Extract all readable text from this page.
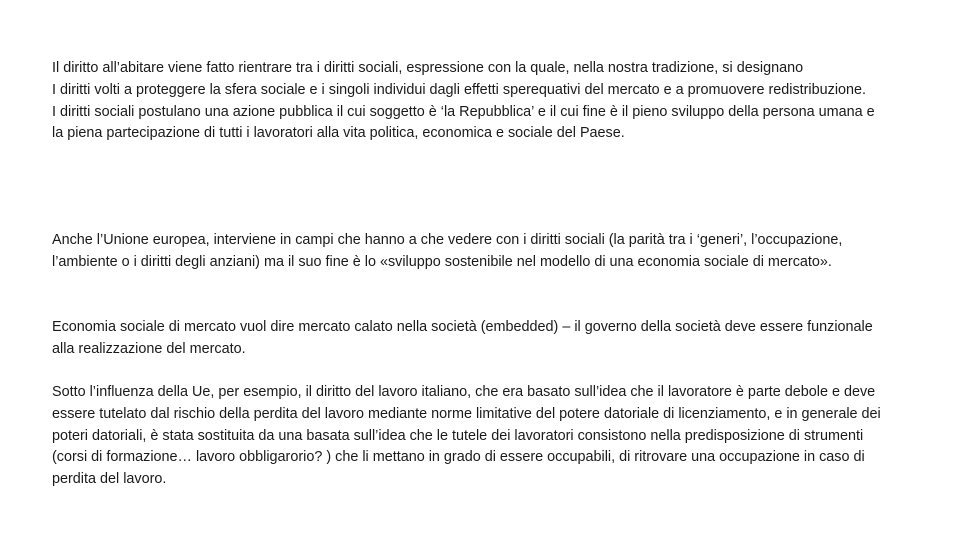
Il diritto all’abitare viene fatto rientrare tra i diritti sociali, espressione con la quale, nella nostra tradizione, si designano

I diritti volti a proteggere la sfera sociale e i singoli individui dagli effetti sperequativi del mercato e a promuovere redistribuzione.

I diritti sociali postulano una azione pubblica il cui soggetto è ‘la Repubblica’ e il cui fine è il pieno sviluppo della persona umana e la piena partecipazione di tutti i lavoratori alla vita politica, economica e sociale del Paese.

Anche l’Unione europea, interviene in campi che hanno a che vedere con i diritti sociali (la parità tra i ‘generi’, l’occupazione, l’ambiente o i diritti degli anziani) ma il suo fine è lo «sviluppo sostenibile nel modello di una economia sociale di mercato».

Economia sociale di mercato vuol dire mercato calato nella società (embedded) – il governo della società deve essere funzionale alla realizzazione del mercato.

Sotto l’influenza della Ue, per esempio, il diritto del lavoro italiano, che era basato sull’idea che il lavoratore è parte debole e deve essere tutelato dal rischio della perdita del lavoro mediante norme limitative del potere datoriale di licenziamento, e in generale dei poteri datoriali, è stata sostituita da una basata sull’idea che le tutele dei lavoratori consistono nella predisposizione di strumenti (corsi di formazione… lavoro obbligarorio? ) che li mettano in grado di essere occupabili, di ritrovare una occupazione in caso di perdita del lavoro.
